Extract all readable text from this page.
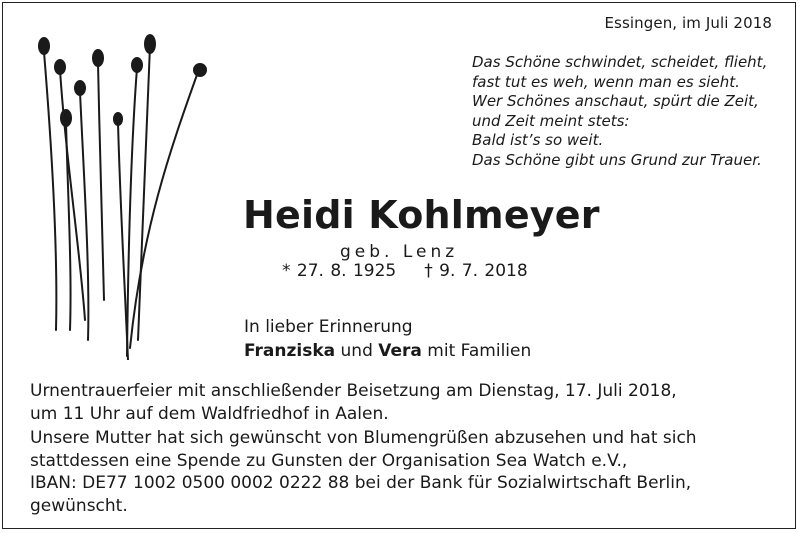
Essingen, im Juli 2018
Das Schöne schwindet, scheidet, flieht,
fast tut es weh, wenn man es sieht.
Wer Schönes anschaut, spürt die Zeit,
und Zeit meint stets:
Bald ist’s so weit.
Das Schöne gibt uns Grund zur Trauer.
Heidi Kohlmeyer
geb. Lenz
* 27. 8. 1925 † 9. 7. 2018
In lieber Erinnerung
Franziska und Vera mit Familien
Urnentrauerfeier mit anschließender Beisetzung am Dienstag, 17. Juli 2018,
um 11 Uhr auf dem Waldfriedhof in Aalen.
Unsere Mutter hat sich gewünscht von Blumengrüßen abzusehen und hat sich
stattdessen eine Spende zu Gunsten der Organisation Sea Watch e.V.,
IBAN: DE77 1002 0500 0002 0222 88 bei der Bank für Sozialwirtschaft Berlin,
gewünscht.
